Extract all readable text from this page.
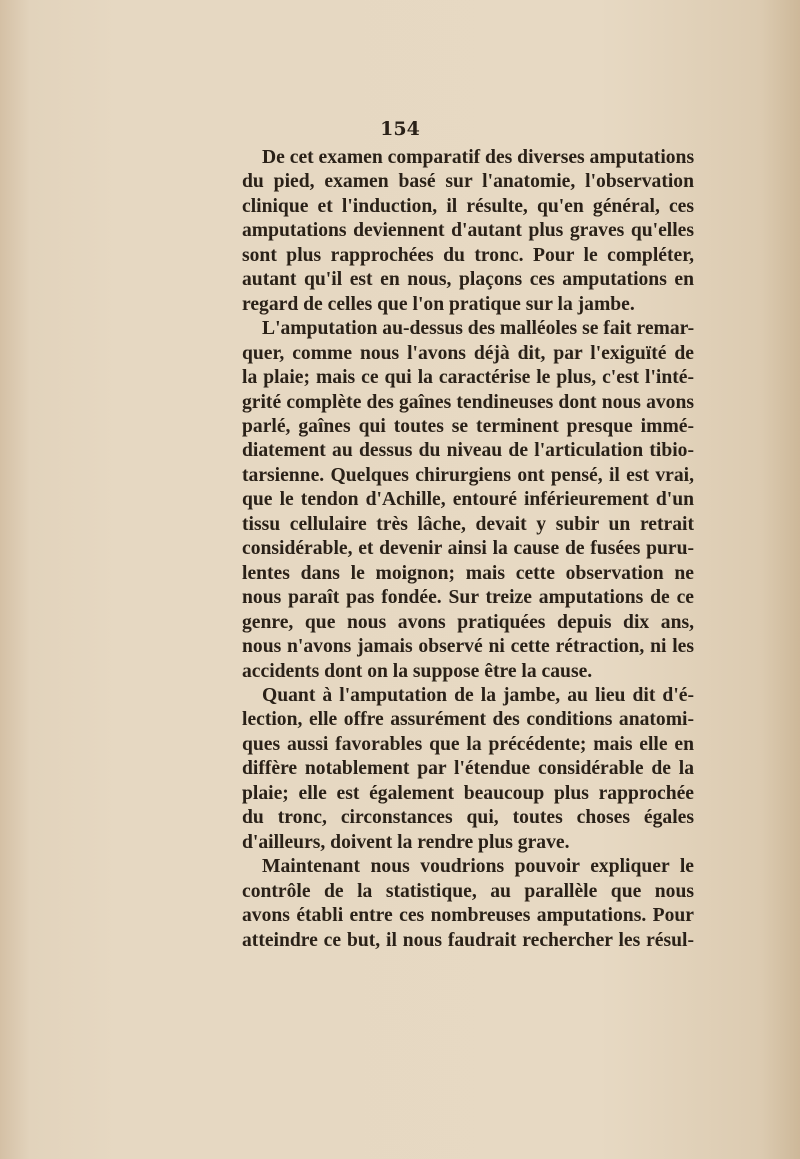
154
De cet examen comparatif des diverses amputations
du pied, examen basé sur l'anatomie, l'observation
clinique et l'induction, il résulte, qu'en général, ces
amputations deviennent d'autant plus graves qu'elles
sont plus rapprochées du tronc. Pour le compléter,
autant qu'il est en nous, plaçons ces amputations en
regard de celles que l'on pratique sur la jambe.
L'amputation au-dessus des malléoles se fait remar-
quer, comme nous l'avons déjà dit, par l'exiguïté de
la plaie; mais ce qui la caractérise le plus, c'est l'inté-
grité complète des gaînes tendineuses dont nous avons
parlé, gaînes qui toutes se terminent presque immé-
diatement au dessus du niveau de l'articulation tibio-
tarsienne. Quelques chirurgiens ont pensé, il est vrai,
que le tendon d'Achille, entouré inférieurement d'un
tissu cellulaire très lâche, devait y subir un retrait
considérable, et devenir ainsi la cause de fusées puru-
lentes dans le moignon; mais cette observation ne
nous paraît pas fondée. Sur treize amputations de ce
genre, que nous avons pratiquées depuis dix ans,
nous n'avons jamais observé ni cette rétraction, ni les
accidents dont on la suppose être la cause.
Quant à l'amputation de la jambe, au lieu dit d'é-
lection, elle offre assurément des conditions anatomi-
ques aussi favorables que la précédente; mais elle en
diffère notablement par l'étendue considérable de la
plaie; elle est également beaucoup plus rapprochée
du tronc, circonstances qui, toutes choses égales
d'ailleurs, doivent la rendre plus grave.
Maintenant nous voudrions pouvoir expliquer le
contrôle de la statistique, au parallèle que nous
avons établi entre ces nombreuses amputations. Pour
atteindre ce but, il nous faudrait rechercher les résul-
